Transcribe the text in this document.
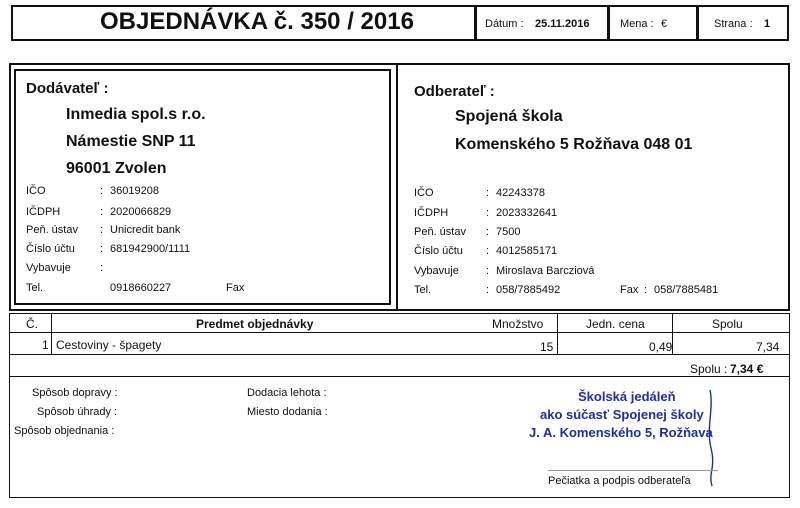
OBJEDNÁVKA č. 350 / 2016	Dátum : 25.11.2016	Mena : €	Strana : 1
Dodávateľ :
Inmedia spol.s r.o.
Námestie SNP 11
96001 Zvolen
IČO	: 36019208
IČDPH	: 2020066829
Peň. ústav : Unicredit bank
Číslo účtu : 681942900/1111
Vybavuje	:
Tel.	0918660227	Fax
Odberateľ :
Spojená škola
Komenského 5 Rožňava 048 01
IČO	: 42243378
IČDPH	: 2023332641
Peň. ústav : 7500
Číslo účtu : 4012585171
Vybavuje : Miroslava Barcziová
Tel.	: 058/7885492	Fax : 058/7885481
Č.	Predmet objednávky	Množstvo	Jedn. cena	Spolu
1 Cestoviny - špagety	15	0,49	7,34
Spolu : 7,34 €
Spôsob dopravy :
Spôsob úhrady :
Spôsob objednania :
Dodacia lehota :
Miesto dodania :
Školská jedáleň
ako súčasť Spojenej školy
J. A. Komenského 5, Rožňava
Pečiatka a podpis odberateľa
